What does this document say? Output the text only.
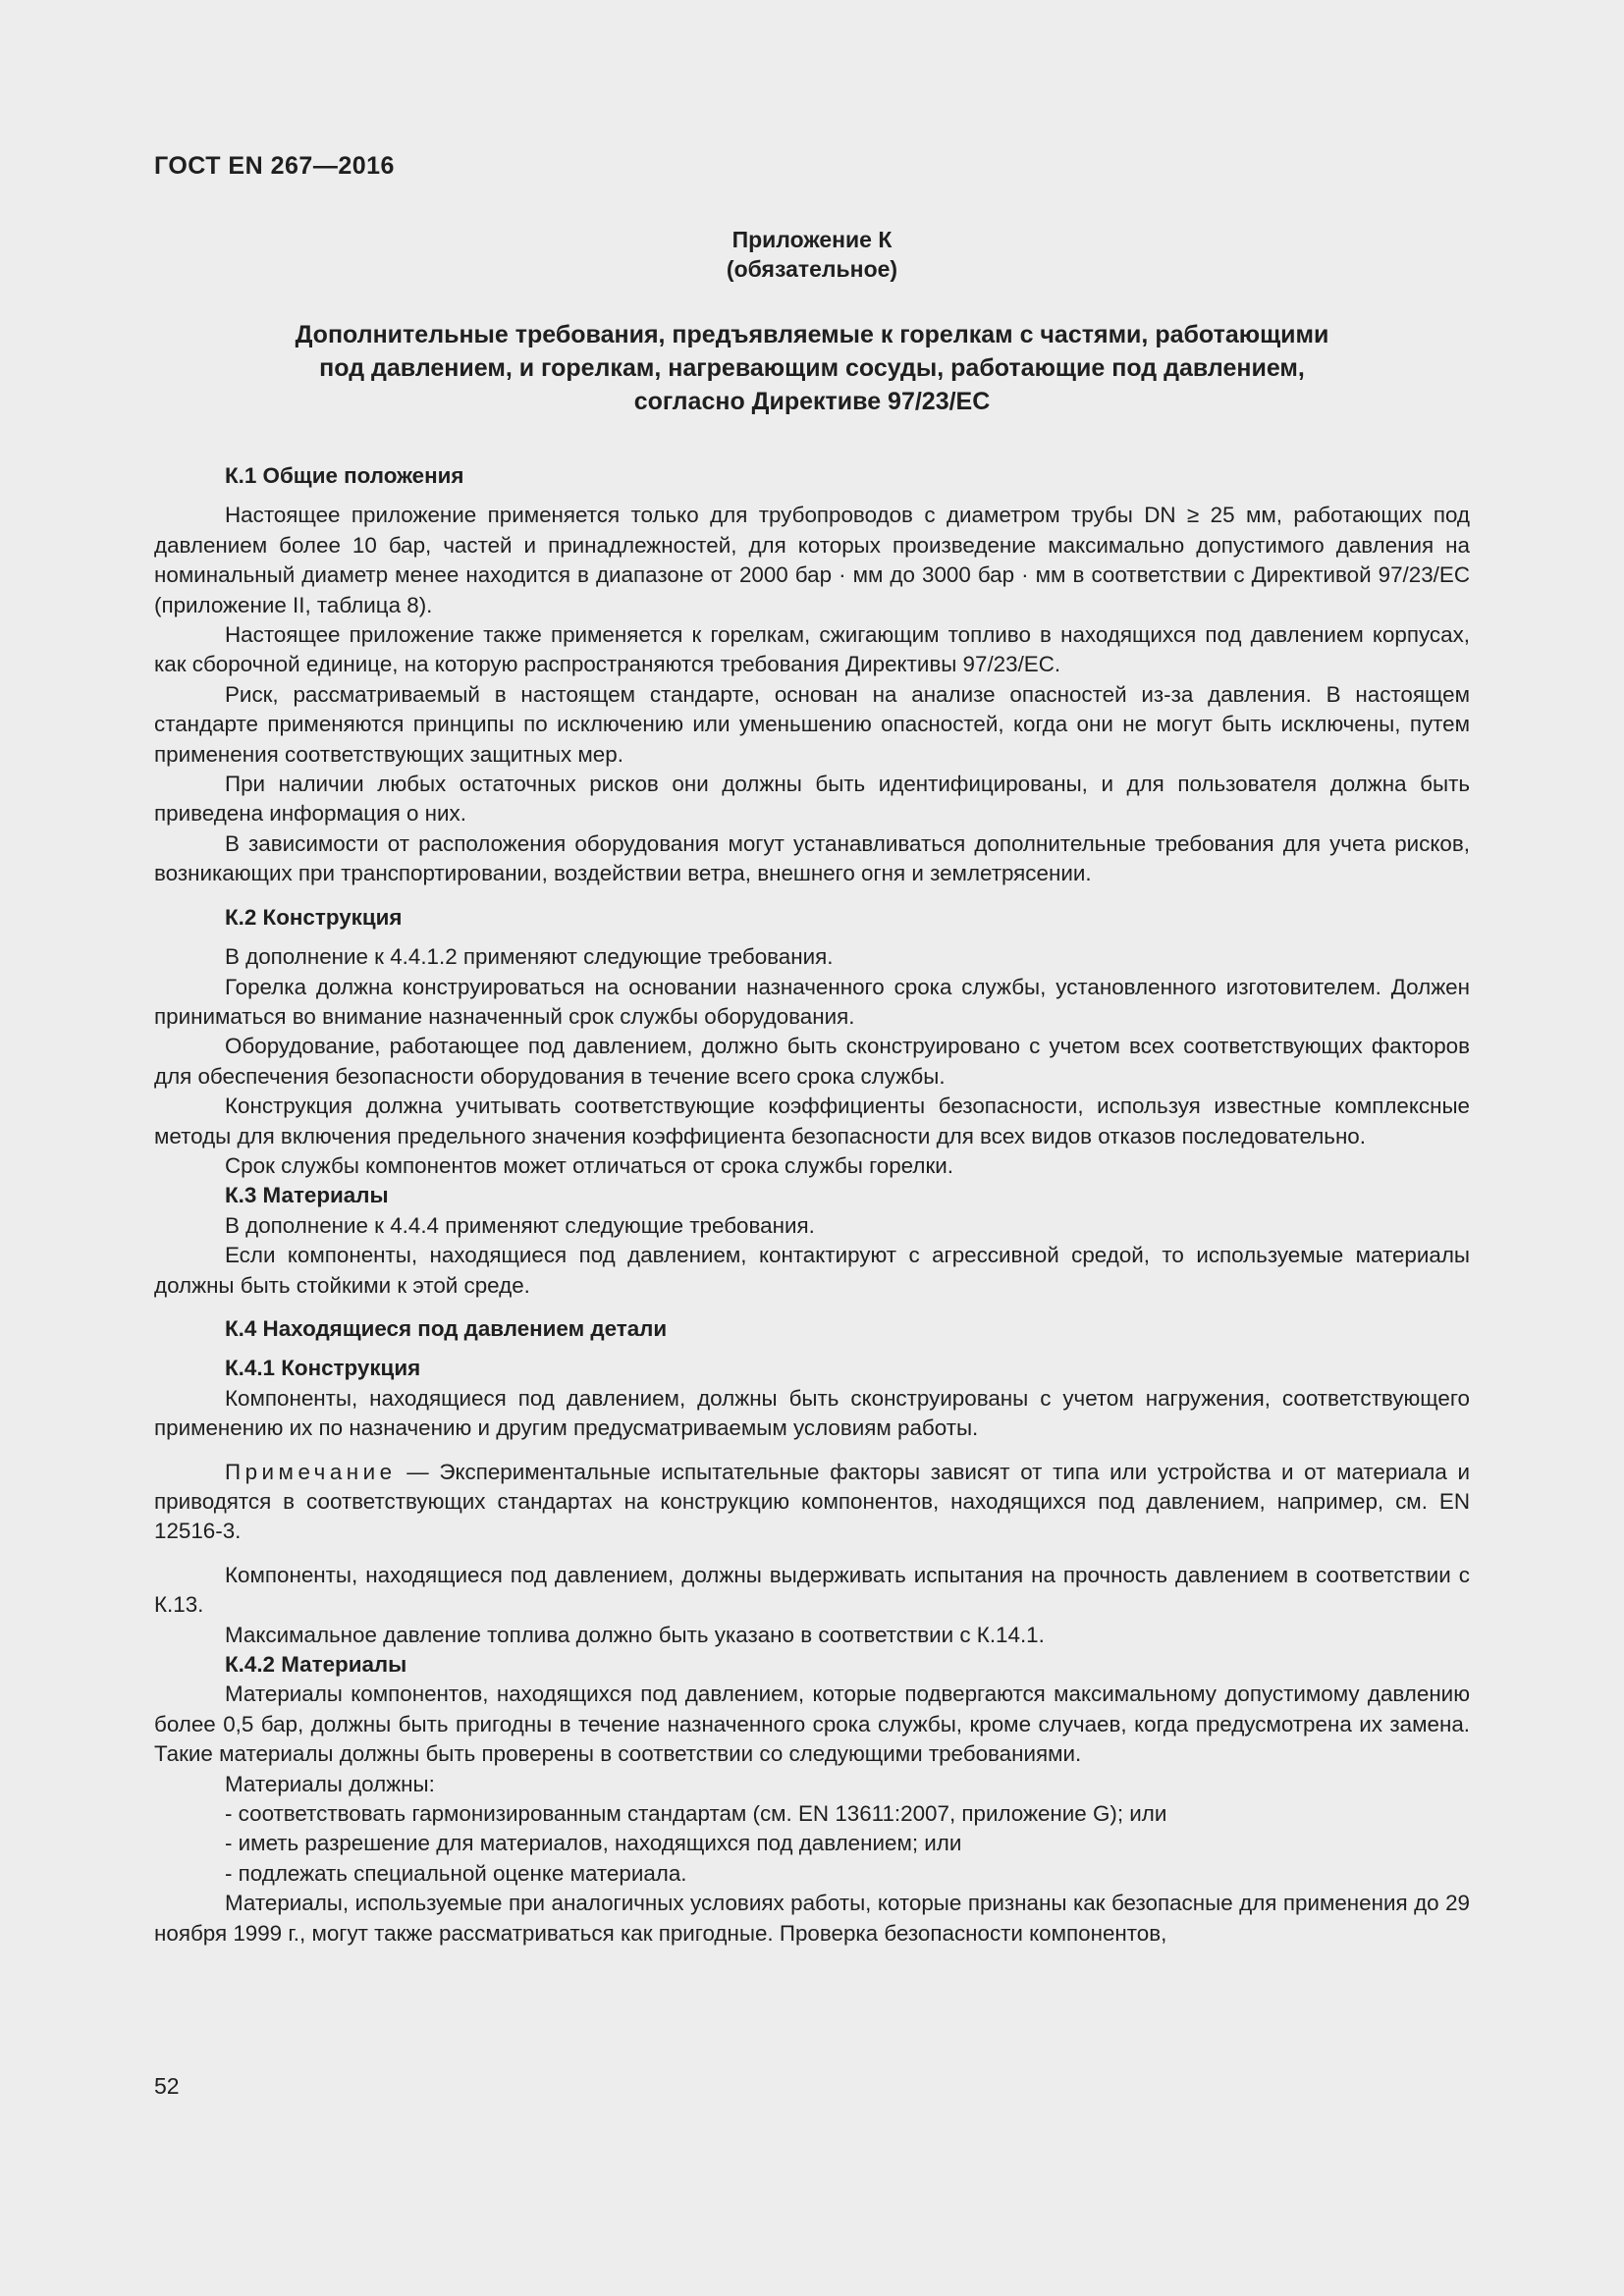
ГОСТ EN 267—2016
Приложение К
(обязательное)
Дополнительные требования, предъявляемые к горелкам с частями, работающими
под давлением, и горелкам, нагревающим сосуды, работающие под давлением,
согласно Директиве 97/23/ЕС

К.1 Общие положения

Настоящее приложение применяется только для трубопроводов с диаметром трубы DN ≥ 25 мм, работающих под давлением более 10 бар, частей и принадлежностей, для которых произведение максимально допустимого давления на номинальный диаметр менее находится в диапазоне от 2000 бар · мм до 3000 бар · мм в соответствии с Директивой 97/23/ЕС (приложение II, таблица 8).

Настоящее приложение также применяется к горелкам, сжигающим топливо в находящихся под давлением корпусах, как сборочной единице, на которую распространяются требования Директивы 97/23/ЕС.

Риск, рассматриваемый в настоящем стандарте, основан на анализе опасностей из-за давления. В настоящем стандарте применяются принципы по исключению или уменьшению опасностей, когда они не могут быть исключены, путем применения соответствующих защитных мер.

При наличии любых остаточных рисков они должны быть идентифицированы, и для пользователя должна быть приведена информация о них.

В зависимости от расположения оборудования могут устанавливаться дополнительные требования для учета рисков, возникающих при транспортировании, воздействии ветра, внешнего огня и землетрясении.

К.2 Конструкция

В дополнение к 4.4.1.2 применяют следующие требования.

Горелка должна конструироваться на основании назначенного срока службы, установленного изготовителем. Должен приниматься во внимание назначенный срок службы оборудования.

Оборудование, работающее под давлением, должно быть сконструировано с учетом всех соответствующих факторов для обеспечения безопасности оборудования в течение всего срока службы.

Конструкция должна учитывать соответствующие коэффициенты безопасности, используя известные комплексные методы для включения предельного значения коэффициента безопасности для всех видов отказов последовательно.

Срок службы компонентов может отличаться от срока службы горелки.

К.3 Материалы

В дополнение к 4.4.4 применяют следующие требования.

Если компоненты, находящиеся под давлением, контактируют с агрессивной средой, то используемые материалы должны быть стойкими к этой среде.

К.4 Находящиеся под давлением детали

К.4.1 Конструкция

Компоненты, находящиеся под давлением, должны быть сконструированы с учетом нагружения, соответствующего применению их по назначению и другим предусматриваемым условиям работы.

Примечание — Экспериментальные испытательные факторы зависят от типа или устройства и от материала и приводятся в соответствующих стандартах на конструкцию компонентов, находящихся под давлением, например, см. EN 12516-3.

Компоненты, находящиеся под давлением, должны выдерживать испытания на прочность давлением в соответствии с К.13.

Максимальное давление топлива должно быть указано в соответствии с К.14.1.

К.4.2 Материалы

Материалы компонентов, находящихся под давлением, которые подвергаются максимальному допустимому давлению более 0,5 бар, должны быть пригодны в течение назначенного срока службы, кроме случаев, когда предусмотрена их замена. Такие материалы должны быть проверены в соответствии со следующими требованиями.

Материалы должны:

- соответствовать гармонизированным стандартам (см. EN 13611:2007, приложение G); или

- иметь разрешение для материалов, находящихся под давлением; или

- подлежать специальной оценке материала.

Материалы, используемые при аналогичных условиях работы, которые признаны как безопасные для применения до 29 ноября 1999 г., могут также рассматриваться как пригодные. Проверка безопасности компонентов,

52
